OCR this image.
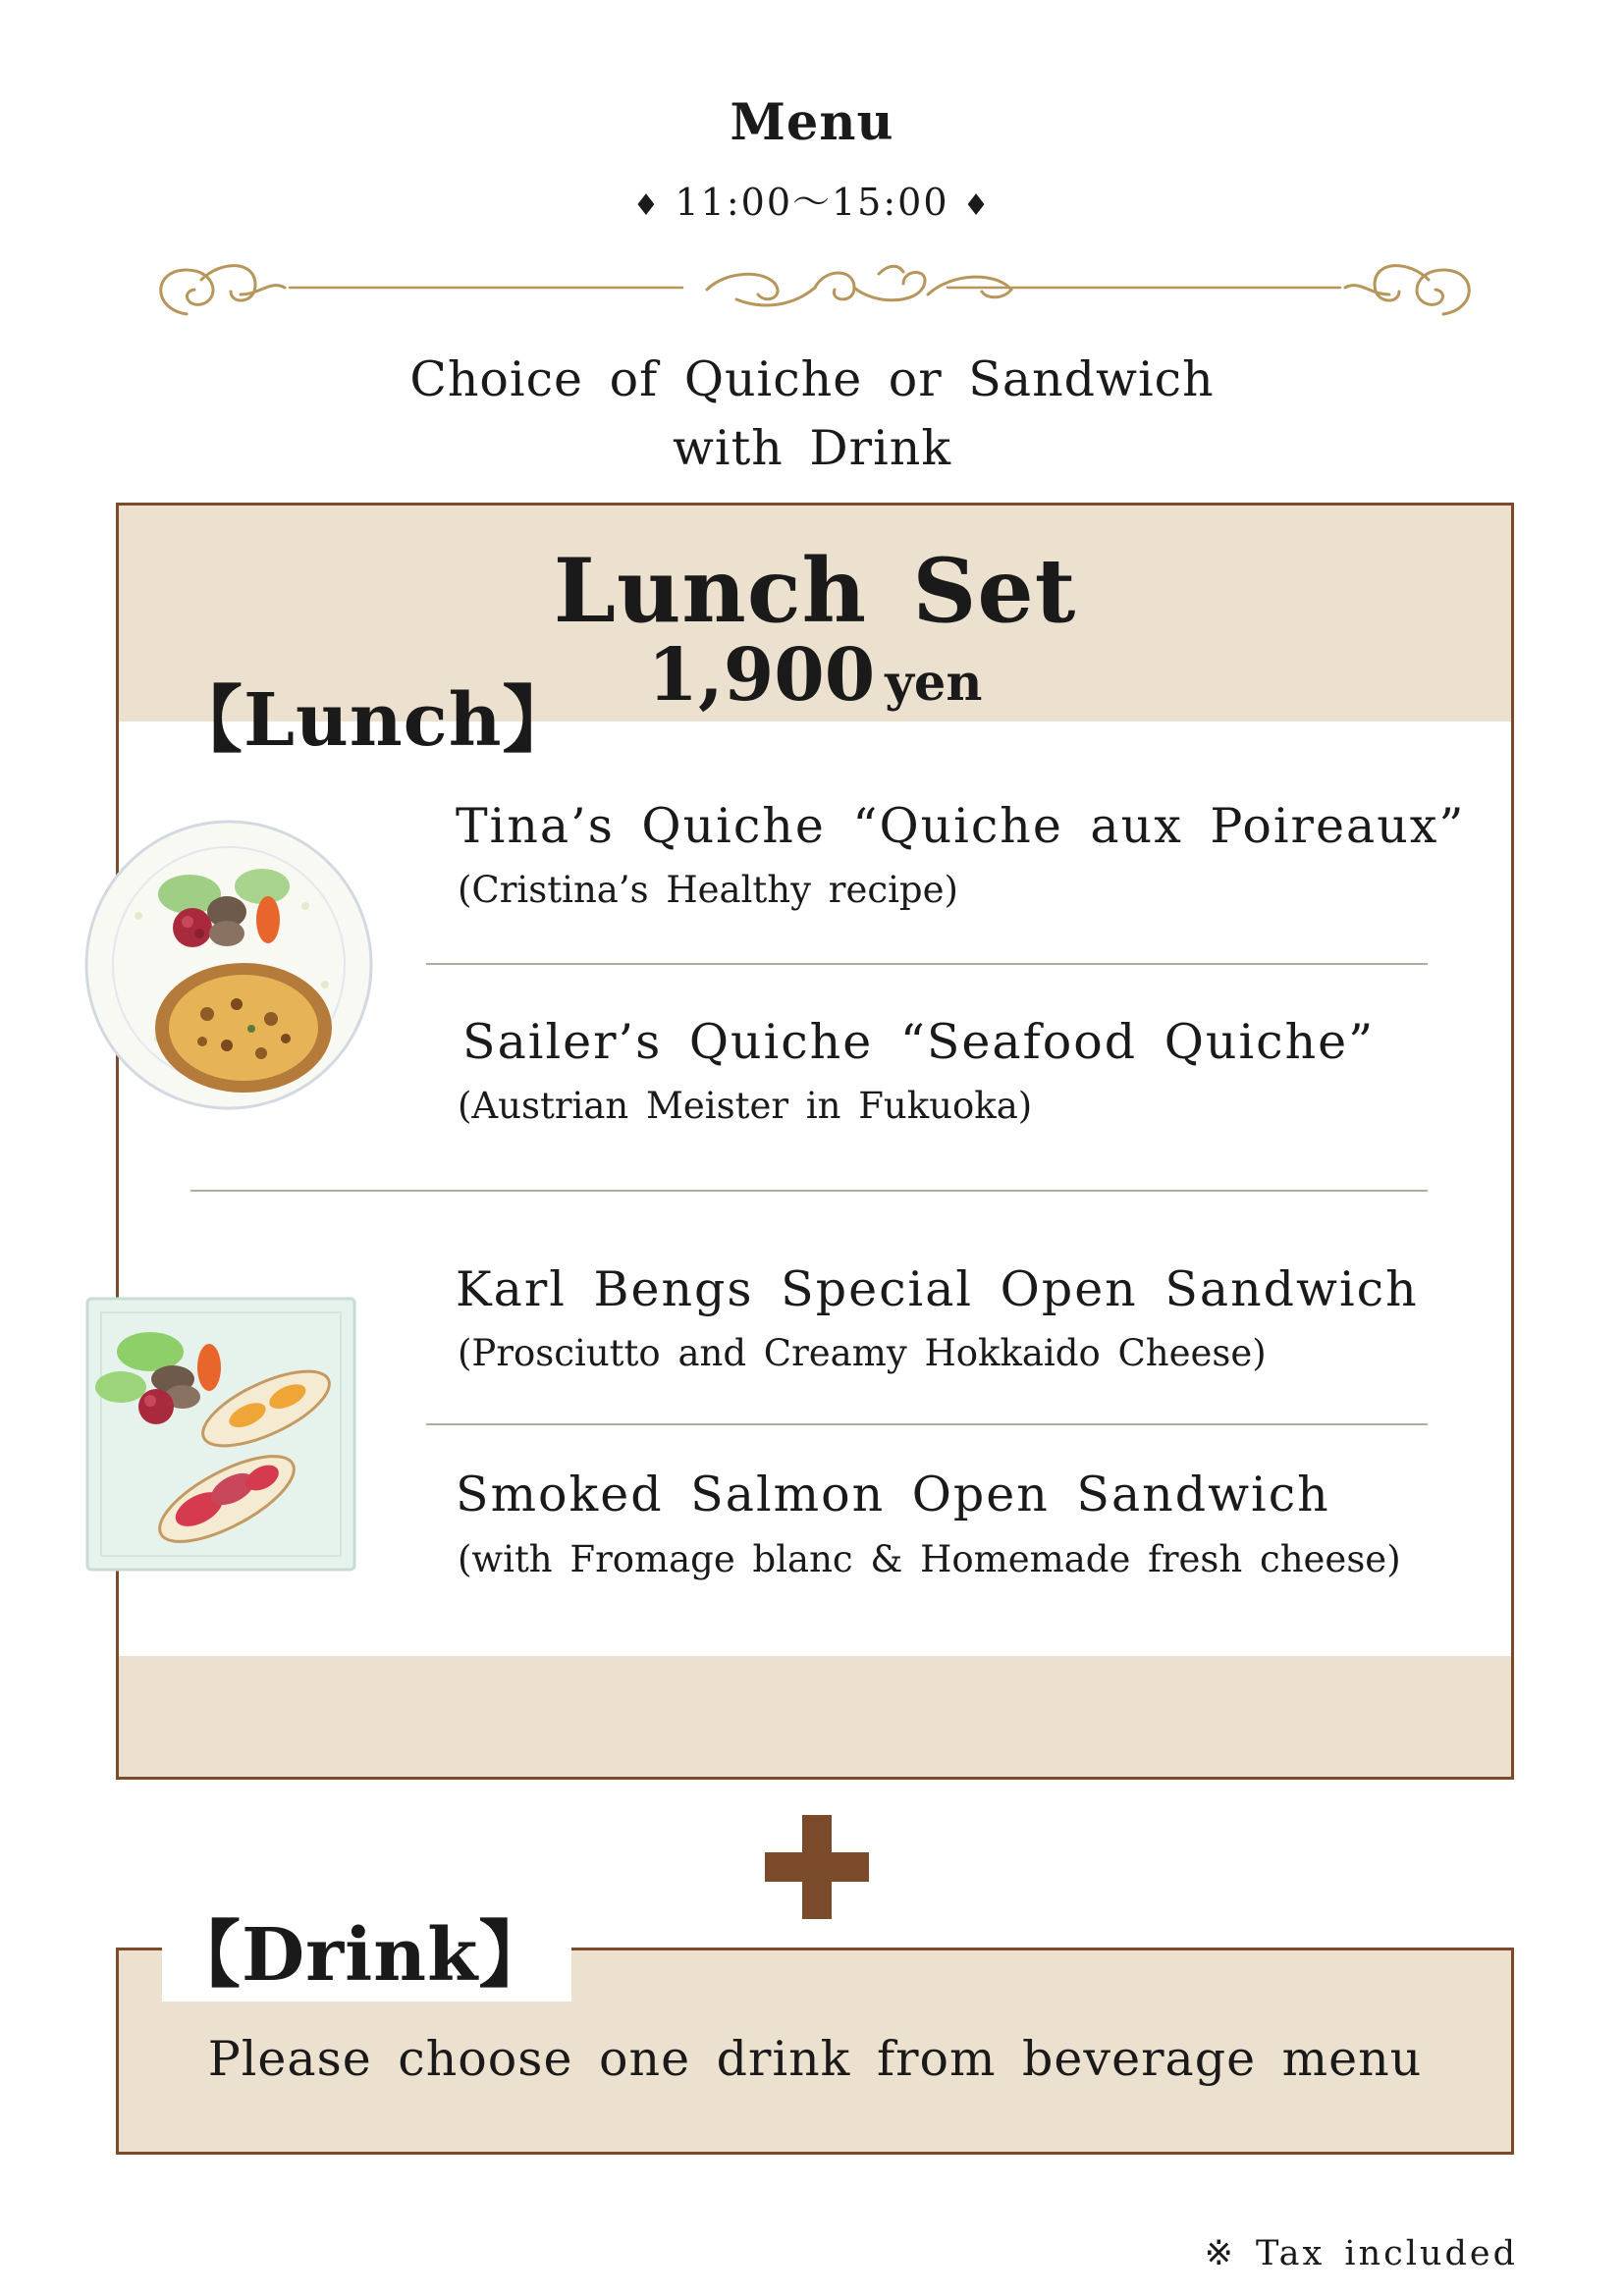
Menu
♦ 11:00～15:00 ♦
Choice of Quiche or Sandwich
with Drink
Lunch Set
1,900 yen
【Lunch】
Tina’s Quiche “Quiche aux Poireaux”
(Cristina’s Healthy recipe)
Sailer’s Quiche “Seafood Quiche”
(Austrian Meister in Fukuoka)
Karl Bengs Special Open Sandwich
(Prosciutto and Creamy Hokkaido Cheese)
Smoked Salmon Open Sandwich
(with Fromage blanc & Homemade fresh cheese)
Please choose one drink from beverage menu
【Drink】
※ Tax included
